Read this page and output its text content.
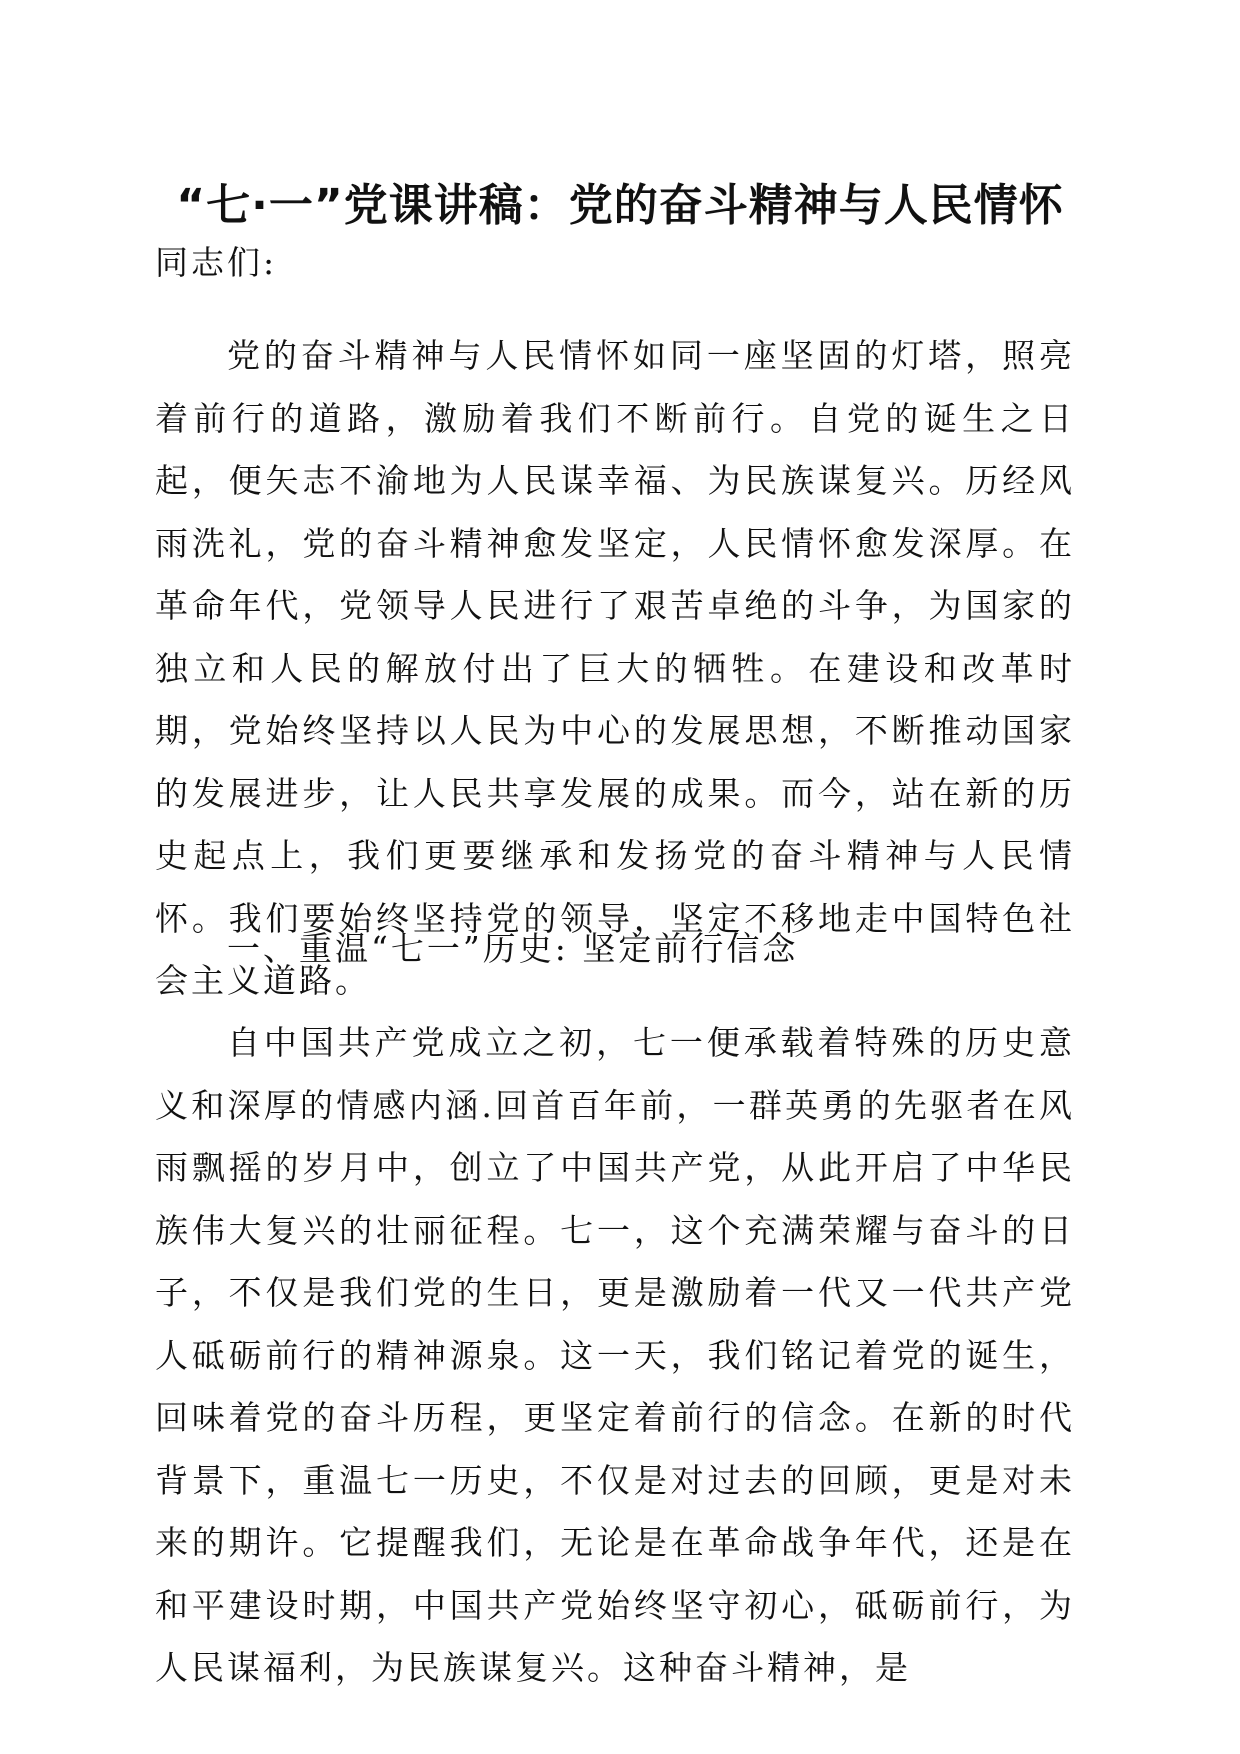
“七·一”党课讲稿：党的奋斗精神与人民情怀

同志们:

党的奋斗精神与人民情怀如同一座坚固的灯塔，照亮着前行的道路，激励着我们不断前行。自党的诞生之日起，便矢志不渝地为人民谋幸福、为民族谋复兴。历经风雨洗礼，党的奋斗精神愈发坚定，人民情怀愈发深厚。在革命年代，党领导人民进行了艰苦卓绝的斗争，为国家的独立和人民的解放付出了巨大的牺牲。在建设和改革时期，党始终坚持以人民为中心的发展思想，不断推动国家的发展进步，让人民共享发展的成果。而今，站在新的历史起点上，我们更要继承和发扬党的奋斗精神与人民情怀。我们要始终坚持党的领导，坚定不移地走中国特色社会主义道路。

一、重温“七一”历史: 坚定前行信念

自中国共产党成立之初，七一便承载着特殊的历史意义和深厚的情感内涵.回首百年前，一群英勇的先驱者在风雨飘摇的岁月中，创立了中国共产党，从此开启了中华民族伟大复兴的壮丽征程。七一，这个充满荣耀与奋斗的日子，不仅是我们党的生日，更是激励着一代又一代共产党人砥砺前行的精神源泉。这一天，我们铭记着党的诞生，回味着党的奋斗历程，更坚定着前行的信念。在新的时代背景下，重温七一历史，不仅是对过去的回顾，更是对未来的期许。它提醒我们，无论是在革命战争年代，还是在和平建设时期，中国共产党始终坚守初心，砥砺前行，为人民谋福利，为民族谋复兴。这种奋斗精神，是
